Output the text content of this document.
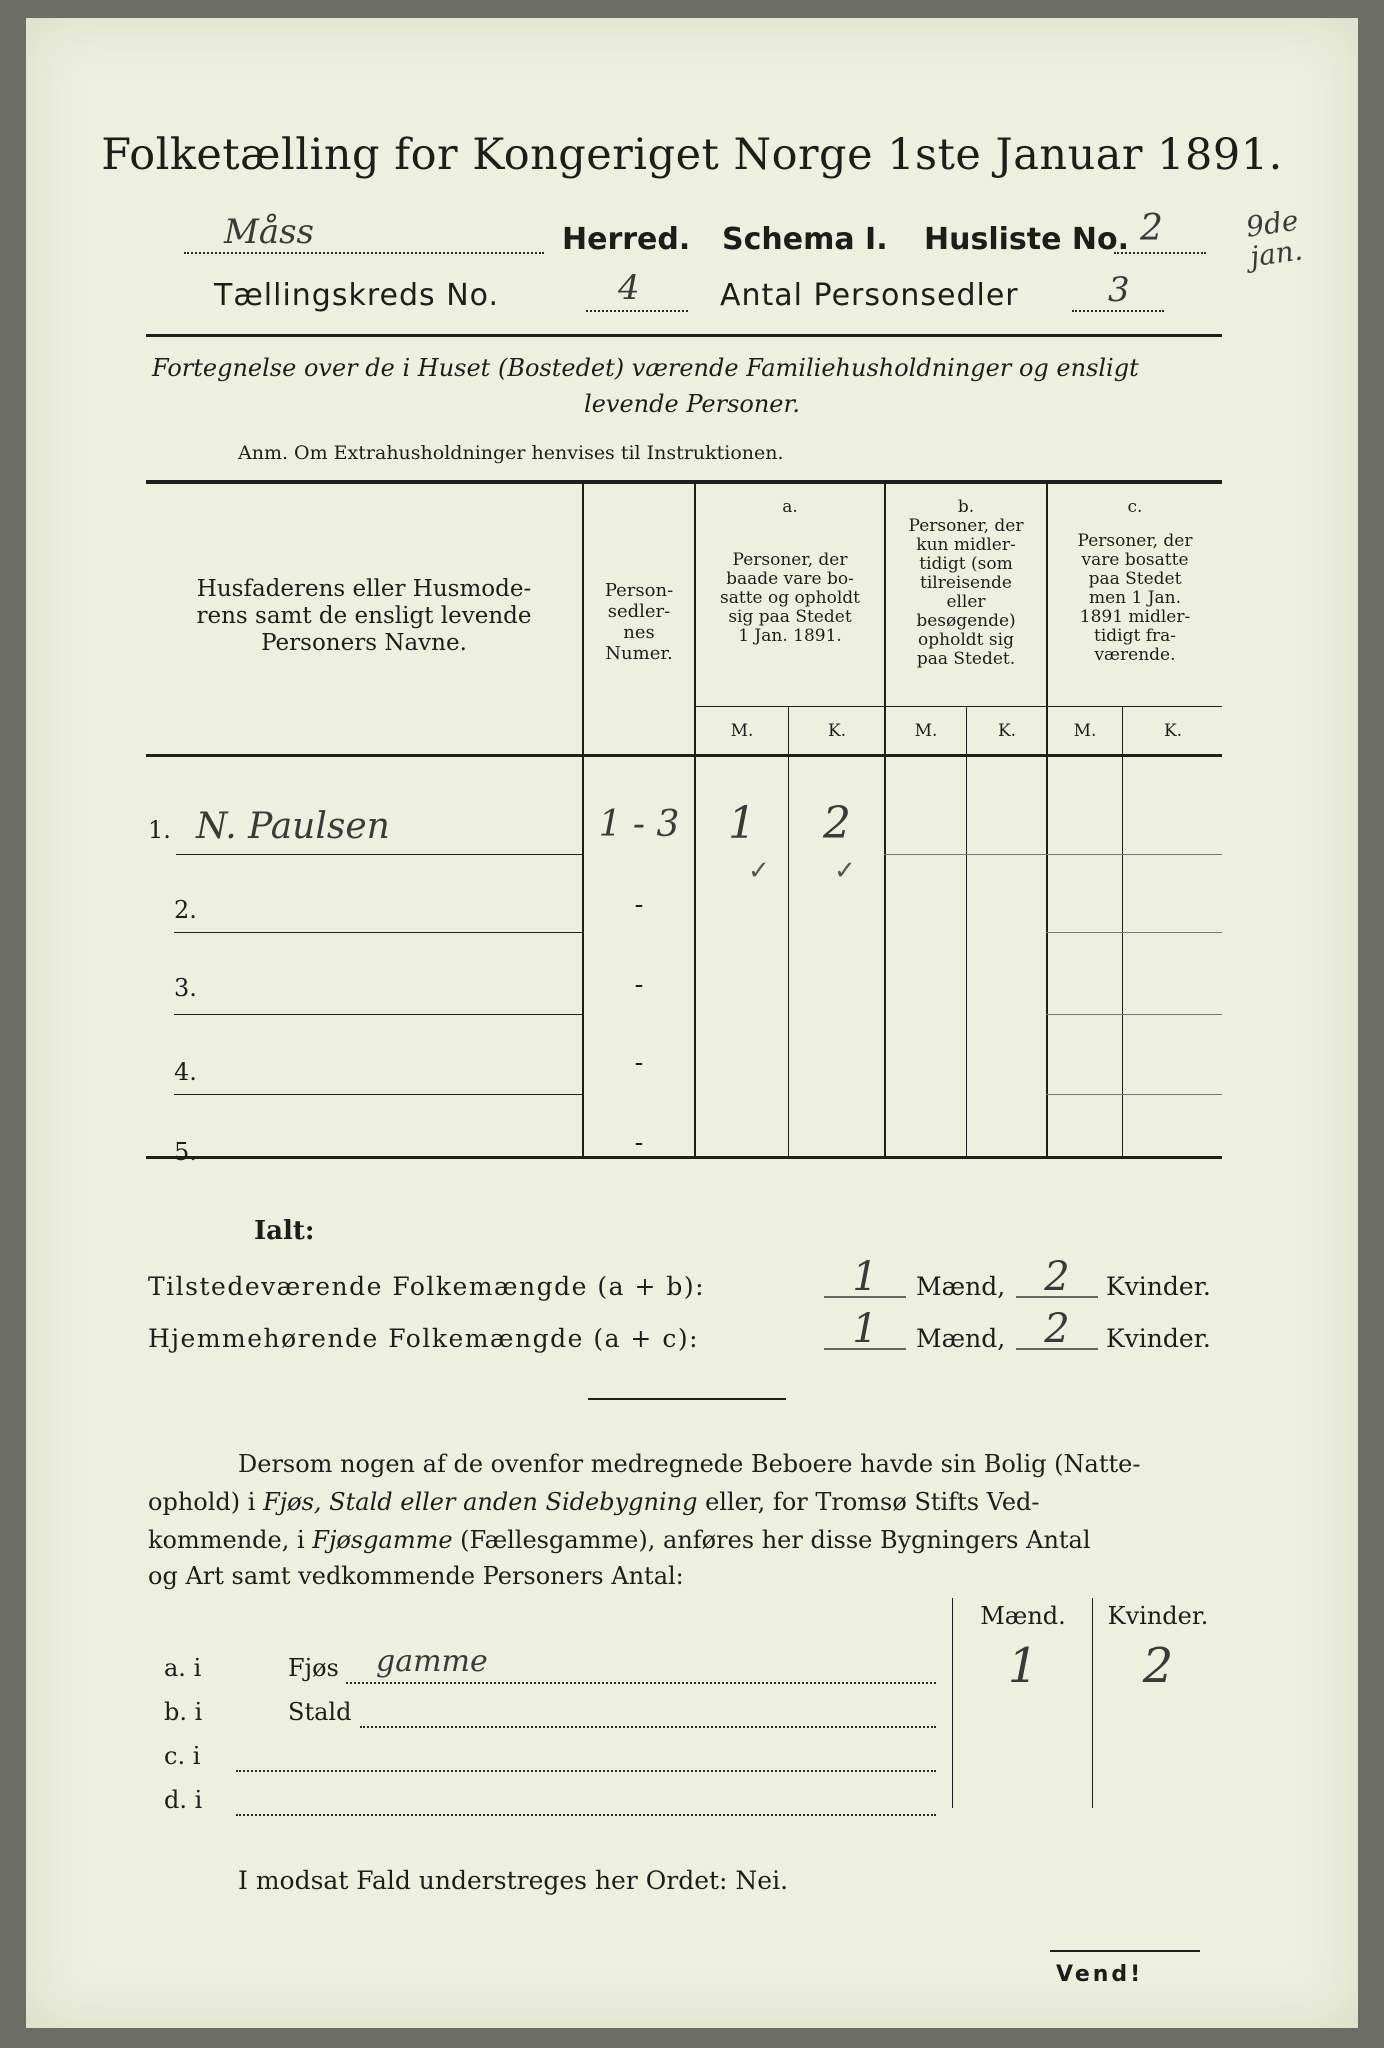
Folketælling for Kongeriget Norge 1ste Januar 1891.
Måss	Herred. Schema I. Husliste No. 2	9de jan.
Tællingskreds No.	4	Antal Personsedler	3
Fortegnelse over de i Huset (Bostedet) værende Familiehusholdninger og ensligt
levende Personer.
Anm. Om Extrahusholdninger henvises til Instruktionen.
Husfaderens eller Husmode-
rens samt de ensligt levende
Personers Navne.
Person-
sedler-
nes
Numer.
a.
Personer, der
baade vare bo-
satte og opholdt
sig paa Stedet
1 Jan. 1891.
b.
Personer, der
kun midler-
tidigt (som
tilreisende
eller
besøgende)
opholdt sig
paa Stedet.
c.
Personer, der
vare bosatte
paa Stedet
men 1 Jan.
1891 midler-
tidigt fra-
værende.
M.	K.	M.	K.	M.	K.
1. N. Paulsen	1 - 3	1	2
✓ ✓
2.	-
3.	-
4.	-
5.	-
Ialt:
Tilstedeværende Folkemængde (a + b):	1	Mænd, 2	Kvinder.
Hjemmehørende Folkemængde (a + c):	1	Mænd, 2	Kvinder.
Dersom nogen af de ovenfor medregnede Beboere havde sin Bolig (Natte-
ophold) i Fjøs, Stald eller anden Sidebygning eller, for Tromsø Stifts Ved-
kommende, i Fjøsgamme (Fællesgamme), anføres her disse Bygningers Antal
og Art samt vedkommende Personers Antal:
Mænd.	Kvinder.
1	2
a. i	Fjøs gamme
b. i	Stald
c. i
d. i
I modsat Fald understreges her Ordet: Nei.
Vend!
